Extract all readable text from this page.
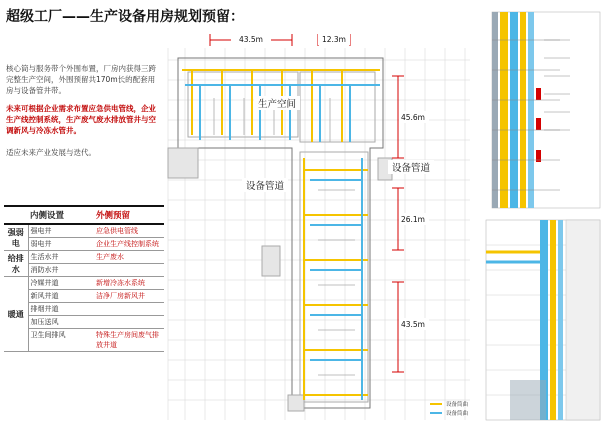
超级工厂——生产设备用房规划预留：
核心筒与服务带个外围布置，厂房内获得三跨完整生产空间，外围预留共170m长的配套用房与设备管井带。
未来可根据企业需求布置应急供电管线，企业生产线控制系统，生产废气废水排放管井与空调新风与冷冻水管井。
适应未来产业发展与迭代。
	内侧设置	外侧预留
强弱电	强电井	应急供电管线
	弱电井	企业生产线控制系统
给排水	生活水井	生产废水
	消防水井	
暖通	冷媒井道	新增冷冻水系统
	新风井道	洁净厂房新风井
	排烟井道	
	加压送风	
	卫生间排风	特殊生产房间废气排放井道
43.5m	12.3m
45.6m
26.1m
43.5m
生产空间
设备管道
设备管道
设备筒曲
设备筒曲
